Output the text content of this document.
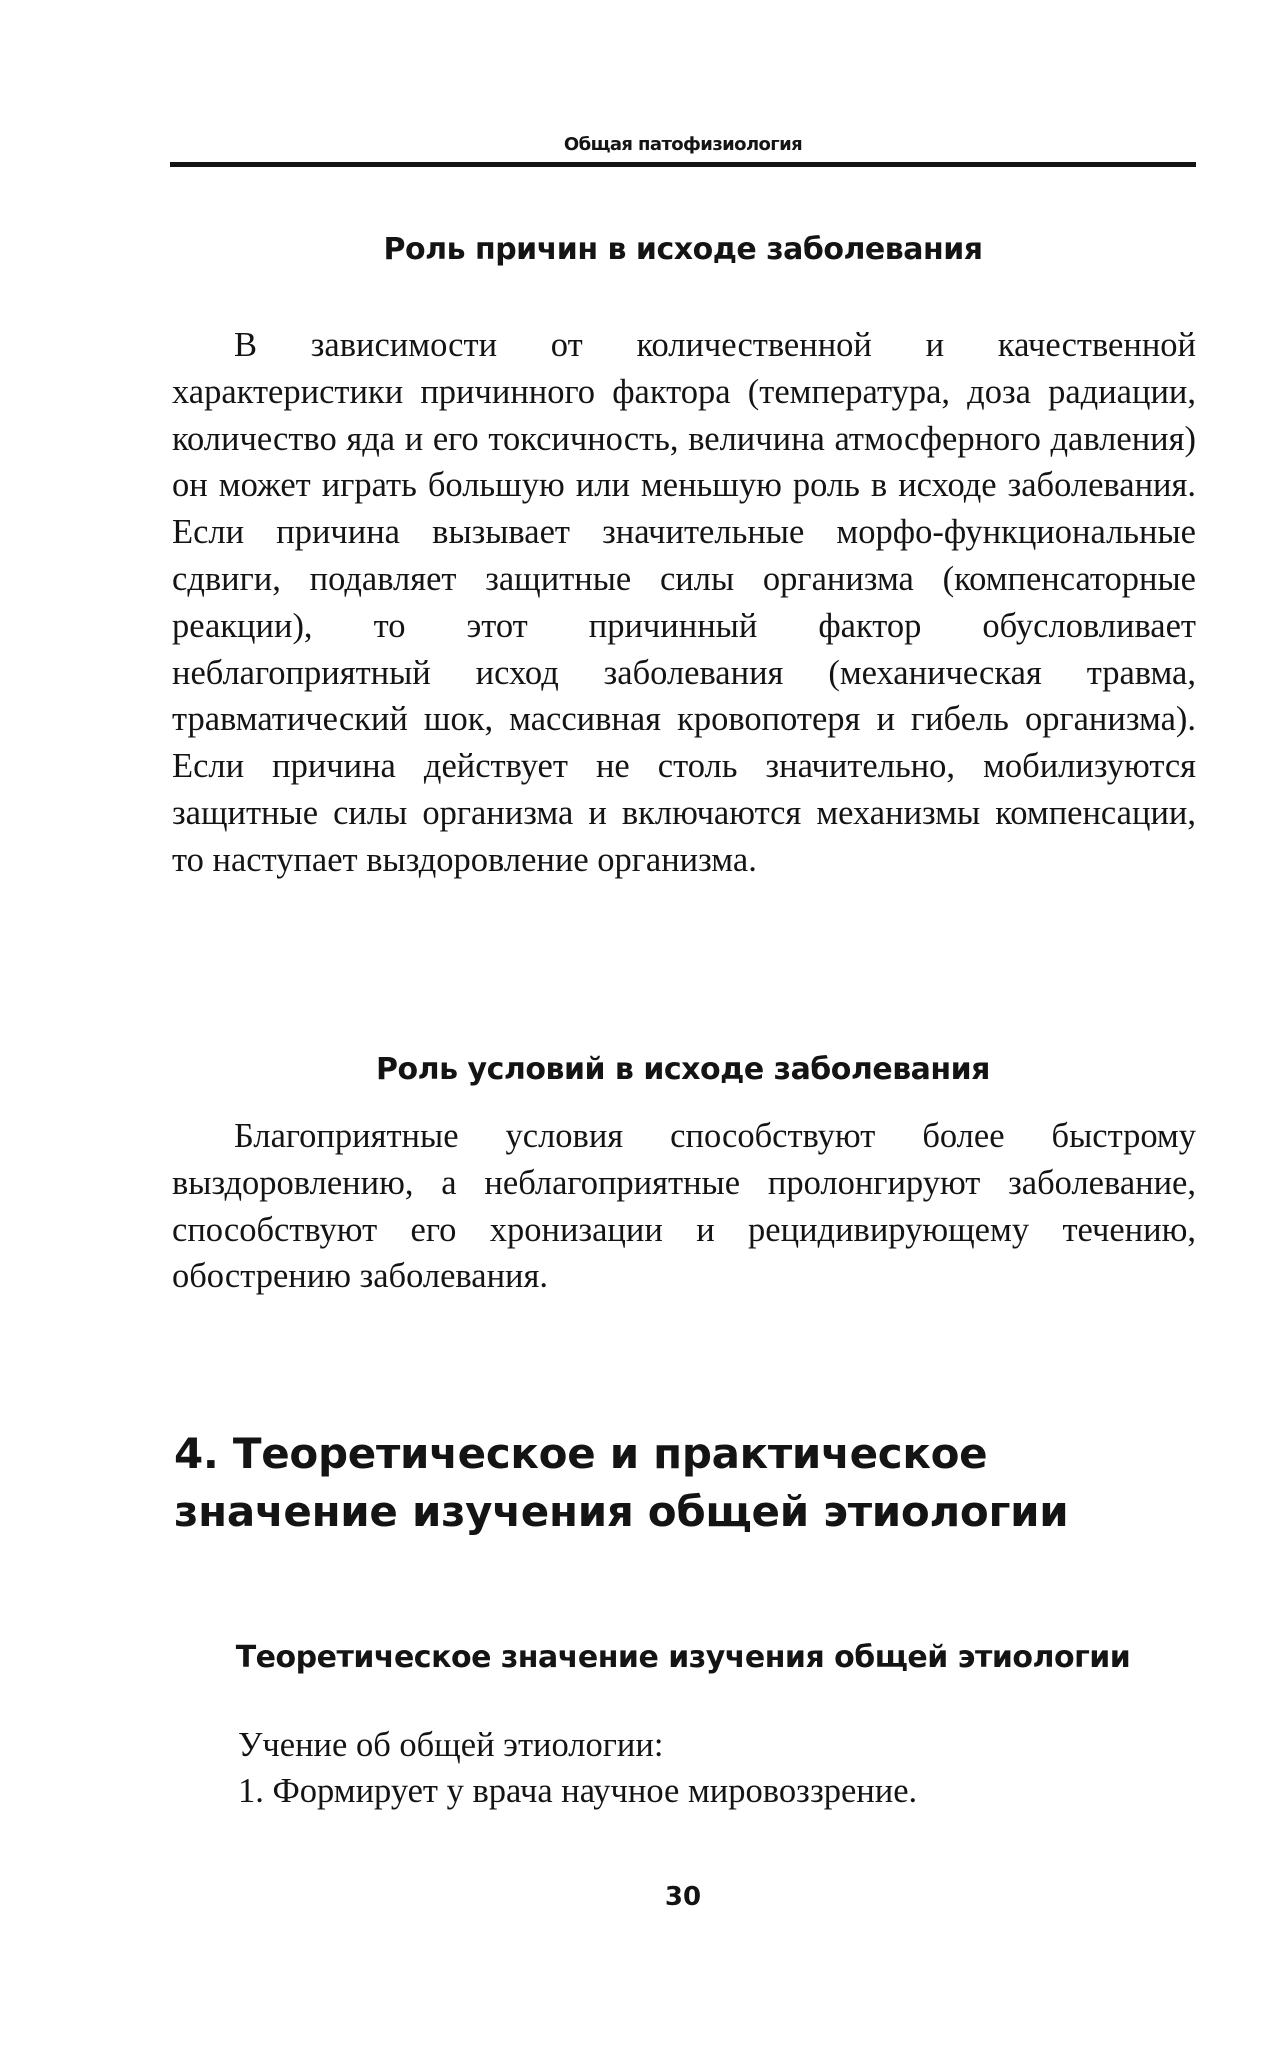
Общая патофизиология
Роль причин в исходе заболевания

В зависимости от количественной и качественной характеристики причинного фактора (температура, доза радиации, количество яда и его токсичность, величина атмосферного давления) он может играть большую или меньшую роль в исходе заболевания. Если причина вызывает значительные морфо-функциональные сдвиги, подавляет защитные силы организма (компенсаторные реакции), то этот причинный фактор обусловливает неблагоприятный исход заболевания (механическая травма, травматический шок, массивная кровопотеря и гибель организма). Если причина действует не столь значительно, мобилизуются защитные силы организма и включаются механизмы компенсации, то наступает выздоровление организма.

Роль условий в исходе заболевания

Благоприятные условия способствуют более быстрому выздоровлению, а неблагоприятные пролонгируют заболевание, способствуют его хронизации и рецидивирующему течению, обострению заболевания.

4. Теоретическое и практическое значение изучения общей этиологии
Теоретическое значение изучения общей этиологии
Учение об общей этиологии:
1. Формирует у врача научное мировоззрение.
30
